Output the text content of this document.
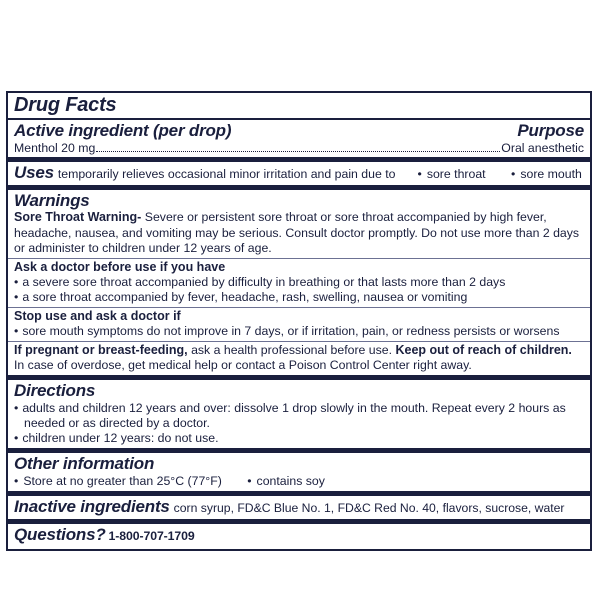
Drug Facts
Active ingredient (per drop)	Purpose
Menthol 20 mg	Oral anesthetic
Uses temporarily relieves occasional minor irritation and pain due to	• sore throat	• sore mouth
Warnings
Sore Throat Warning- Severe or persistent sore throat or sore throat accompanied by high fever, headache, nausea, and vomiting may be serious. Consult doctor promptly. Do not use more than 2 days or administer to children under 12 years of age.
Ask a doctor before use if you have
• a severe sore throat accompanied by difficulty in breathing or that lasts more than 2 days
• a sore throat accompanied by fever, headache, rash, swelling, nausea or vomiting
Stop use and ask a doctor if
• sore mouth symptoms do not improve in 7 days, or if irritation, pain, or redness persists or worsens
If pregnant or breast-feeding, ask a health professional before use. Keep out of reach of children. In case of overdose, get medical help or contact a Poison Control Center right away.
Directions
• adults and children 12 years and over: dissolve 1 drop slowly in the mouth. Repeat every 2 hours as needed or as directed by a doctor.
• children under 12 years: do not use.
Other information
• Store at no greater than 25°C (77°F)	• contains soy
Inactive ingredients corn syrup, FD&C Blue No. 1, FD&C Red No. 40, flavors, sucrose, water
Questions? 1-800-707-1709
